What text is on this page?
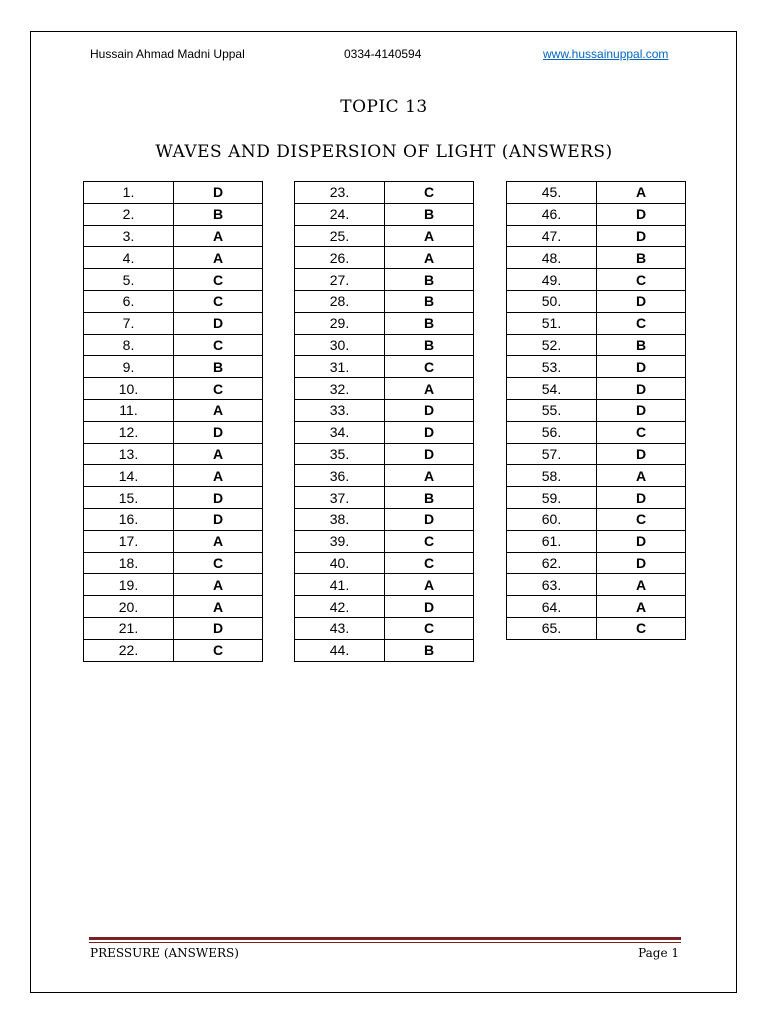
Hussain Ahmad Madni Uppal	0334-4140594	www.hussainuppal.com
TOPIC 13
WAVES AND DISPERSION OF LIGHT (ANSWERS)
1.	D
2.	B
3.	A
4.	A
5.	C
6.	C
7.	D
8.	C
9.	B
10.	C
11.	A
12.	D
13.	A
14.	A
15.	D
16.	D
17.	A
18.	C
19.	A
20.	A
21.	D
22.	C
23.	C
24.	B
25.	A
26.	A
27.	B
28.	B
29.	B
30.	B
31.	C
32.	A
33.	D
34.	D
35.	D
36.	A
37.	B
38.	D
39.	C
40.	C
41.	A
42.	D
43.	C
44.	B
45.	A
46.	D
47.	D
48.	B
49.	C
50.	D
51.	C
52.	B
53.	D
54.	D
55.	D
56.	C
57.	D
58.	A
59.	D
60.	C
61.	D
62.	D
63.	A
64.	A
65.	C
PRESSURE (ANSWERS)	Page 1
